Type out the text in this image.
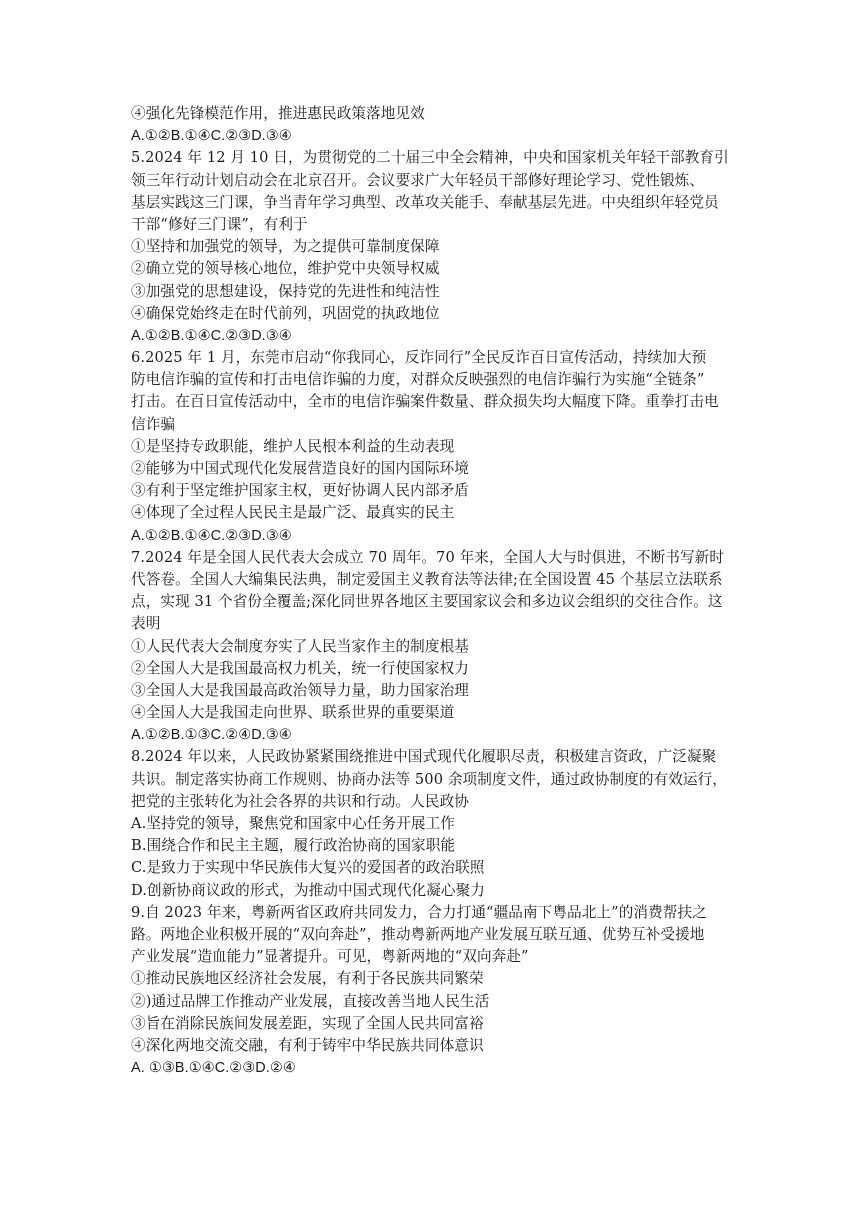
④强化先锋模范作用，推进惠民政策落地见效
A.①②B.①④C.②③D.③④
5.2024 年 12 月 10 日，为贯彻党的二十届三中全会精神，中央和国家机关年轻干部教育引
领三年行动计划启动会在北京召开。会议要求广大年轻员干部修好理论学习、党性锻炼、
基层实践这三门课，争当青年学习典型、改革攻关能手、奉献基层先进。中央组织年轻党员
干部“修好三门课”，有利于
①坚持和加强党的领导，为之提供可靠制度保障
②确立党的领导核心地位，维护党中央领导权威
③加强党的思想建设，保持党的先进性和纯洁性
④确保党始终走在时代前列，巩固党的执政地位
A.①②B.①④C.②③D.③④
6.2025 年 1 月，东莞市启动“你我同心，反诈同行”全民反诈百日宣传活动，持续加大预
防电信诈骗的宣传和打击电信诈骗的力度，对群众反映强烈的电信诈骗行为实施“全链条”
打击。在百日宣传活动中，全市的电信诈骗案件数量、群众损失均大幅度下降。重拳打击电
信诈骗
①是坚持专政职能，维护人民根本利益的生动表现
②能够为中国式现代化发展营造良好的国内国际环境
③有利于坚定维护国家主权，更好协调人民内部矛盾
④体现了全过程人民民主是最广泛、最真实的民主
A.①②B.①④C.②③D.③④
7.2024 年是全国人民代表大会成立 70 周年。70 年来，全国人大与时俱进，不断书写新时
代答卷。全国人大编集民法典，制定爱国主义教育法等法律;在全国设置 45 个基层立法联系
点，实现 31 个省份全覆盖;深化同世界各地区主要国家议会和多边议会组织的交往合作。这
表明
①人民代表大会制度夯实了人民当家作主的制度根基
②全国人大是我国最高权力机关，统一行使国家权力
③全国人大是我国最高政治领导力量，助力国家治理
④全国人大是我国走向世界、联系世界的重要渠道
A.①②B.①③C.②④D.③④
8.2024 年以来，人民政协紧紧围绕推进中国式现代化履职尽责，积极建言资政，广泛凝聚
共识。制定落实协商工作规则、协商办法等 500 余项制度文件，通过政协制度的有效运行，
把党的主张转化为社会各界的共识和行动。人民政协
A.坚持党的领导，聚焦党和国家中心任务开展工作
B.围绕合作和民主主题，履行政治协商的国家职能
C.是致力于实现中华民族伟大复兴的爱国者的政治联照
D.创新协商议政的形式，为推动中国式现代化凝心聚力
9.自 2023 年来，粤新两省区政府共同发力，合力打通“疆品南下粤品北上”的消费帮扶之
路。两地企业积极开展的“双向奔赴”，推动粤新两地产业发展互联互通、优势互补受援地
产业发展“造血能力”显著提升。可见，粤新两地的“双向奔赴”
①推动民族地区经济社会发展，有利于各民族共同繁荣
②)通过品牌工作推动产业发展，直接改善当地人民生活
③旨在消除民族间发展差距，实现了全国人民共同富裕
④深化两地交流交融，有利于铸牢中华民族共同体意识
A. ①③B.①④C.②③D.②④
